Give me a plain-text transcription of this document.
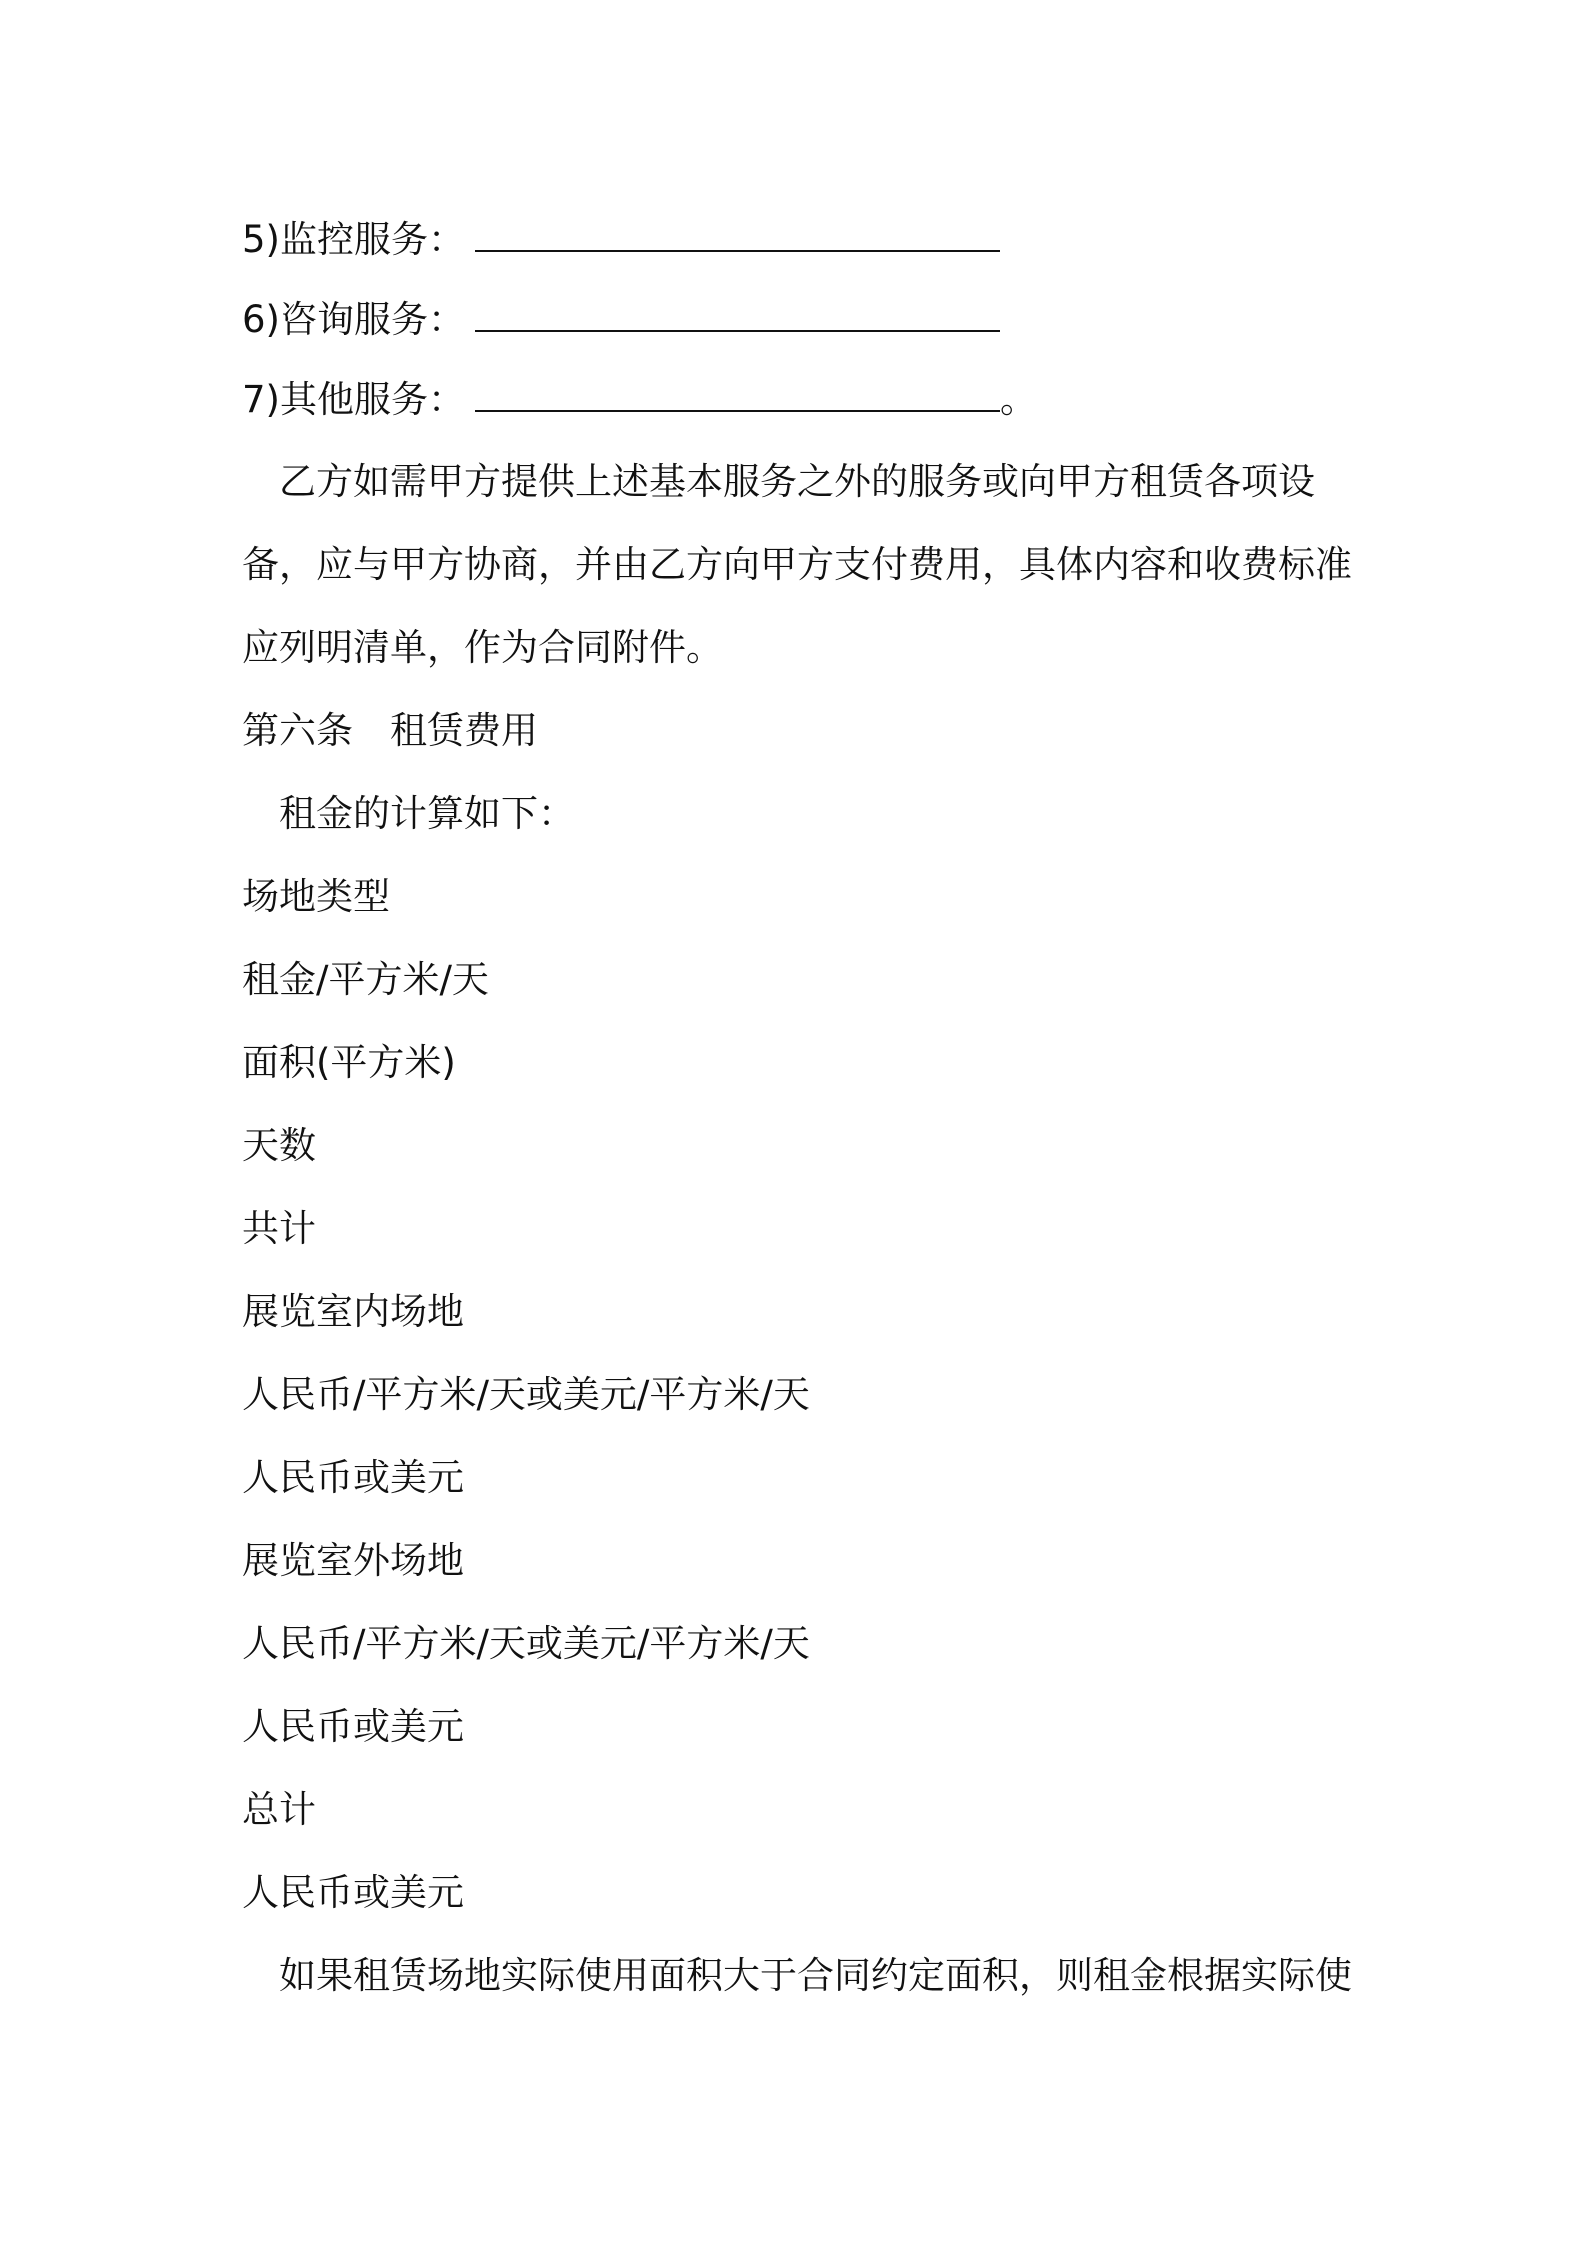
5)监控服务：
6)咨询服务：
7)其他服务：	。
乙方如需甲方提供上述基本服务之外的服务或向甲方租赁各项设
备，应与甲方协商，并由乙方向甲方支付费用，具体内容和收费标准
应列明清单，作为合同附件。
第六条 租赁费用
租金的计算如下：
场地类型
租金/平方米/天
面积(平方米)
天数
共计
展览室内场地
人民币/平方米/天或美元/平方米/天
人民币或美元
展览室外场地
人民币/平方米/天或美元/平方米/天
人民币或美元
总计
人民币或美元
如果租赁场地实际使用面积大于合同约定面积，则租金根据实际使
